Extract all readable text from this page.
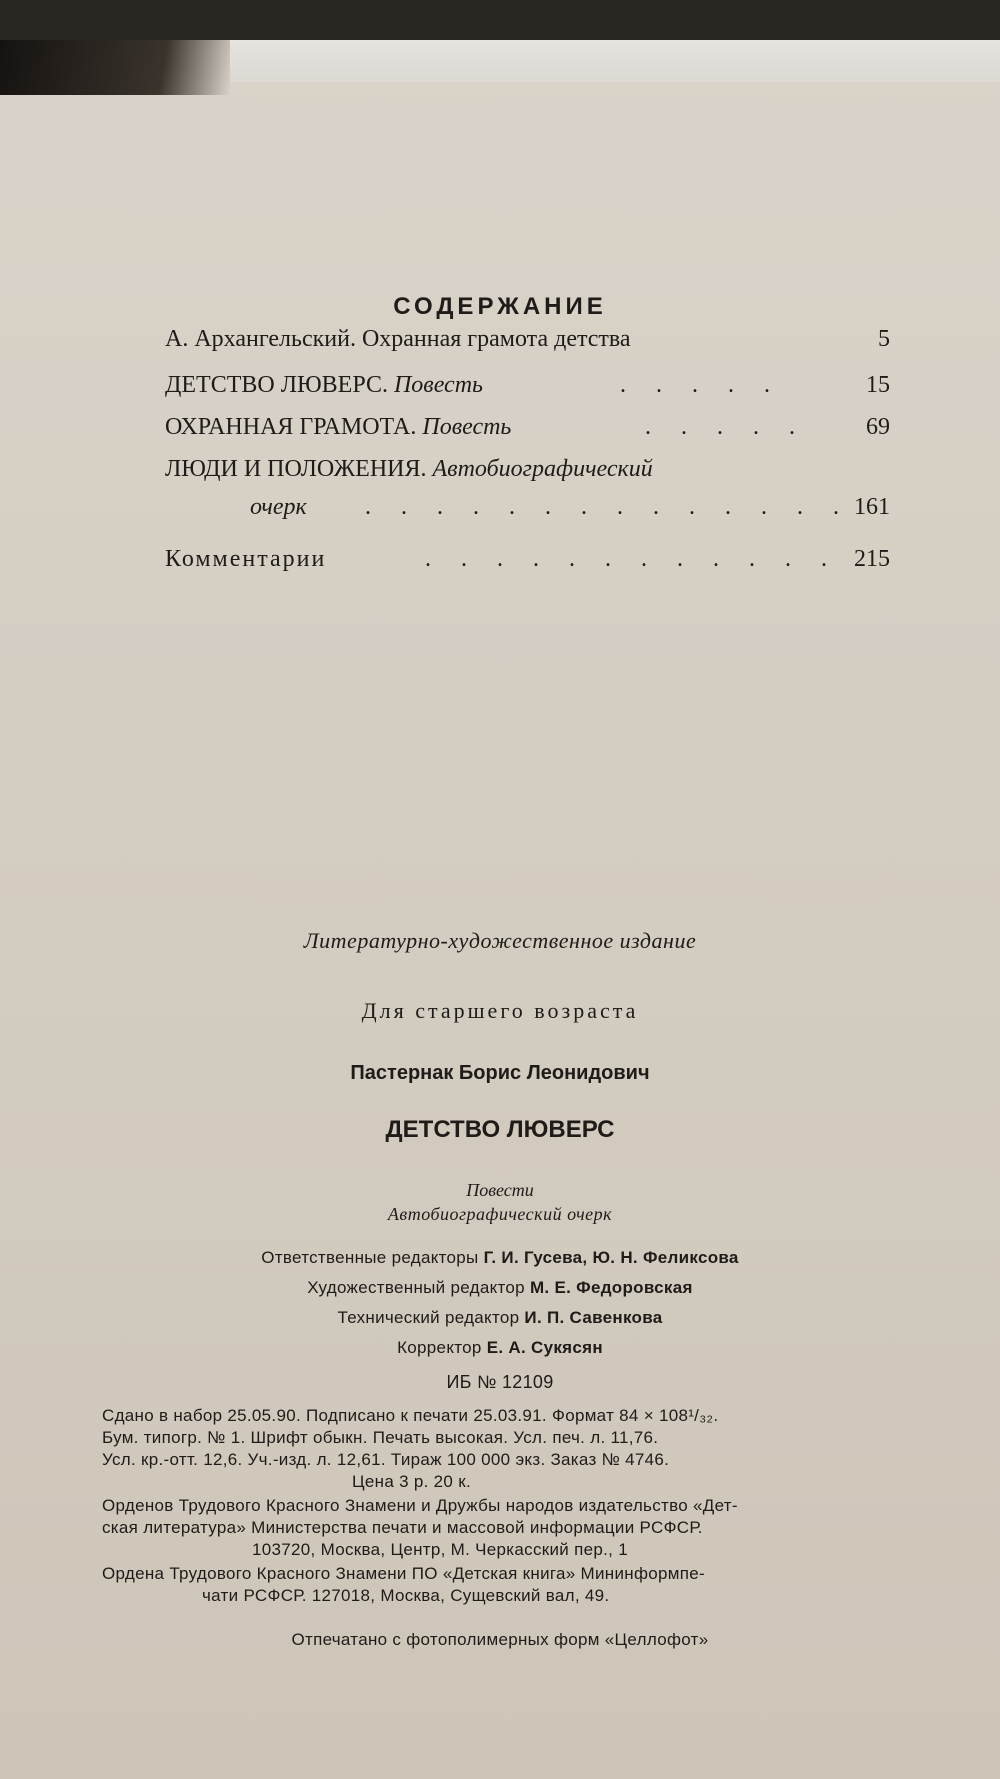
СОДЕРЖАНИЕ
А. Архангельский. Охранная грамота детства	5
ДЕТСТВО ЛЮВЕРС. Повесть	. . . . .	15
ОХРАННАЯ ГРАМОТА. Повесть	. . . . . 69
ЛЮДИ И ПОЛОЖЕНИЯ. Автобиографический
очерк . . . . . . . . . . . . . . 161
Комментарии	. . . . . . . . . . . . 215
Литературно-художественное издание
Для старшего возраста
Пастернак Борис Леонидович
ДЕТСТВО ЛЮВЕРС
Повести
Автобиографический очерк
Ответственные редакторы Г. И. Гусева, Ю. Н. Феликсова
Художественный редактор М. Е. Федоровская
Технический редактор И. П. Савенкова
Корректор Е. А. Сукясян
ИБ № 12109
Сдано в набор 25.05.90. Подписано к печати 25.03.91. Формат 84 × 108¹/₃₂.
Бум. типогр. № 1. Шрифт обыкн. Печать высокая. Усл. печ. л. 11,76.
Усл. кр.-отт. 12,6. Уч.-изд. л. 12,61. Тираж 100 000 экз. Заказ № 4746.
Цена 3 р. 20 к.
Орденов Трудового Красного Знамени и Дружбы народов издательство «Дет-
ская литература» Министерства печати и массовой информации РСФСР.
103720, Москва, Центр, М. Черкасский пер., 1
Ордена Трудового Красного Знамени ПО «Детская книга» Мининформпе-
чати РСФСР. 127018, Москва, Сущевский вал, 49.
Отпечатано с фотополимерных форм «Целлофот»
